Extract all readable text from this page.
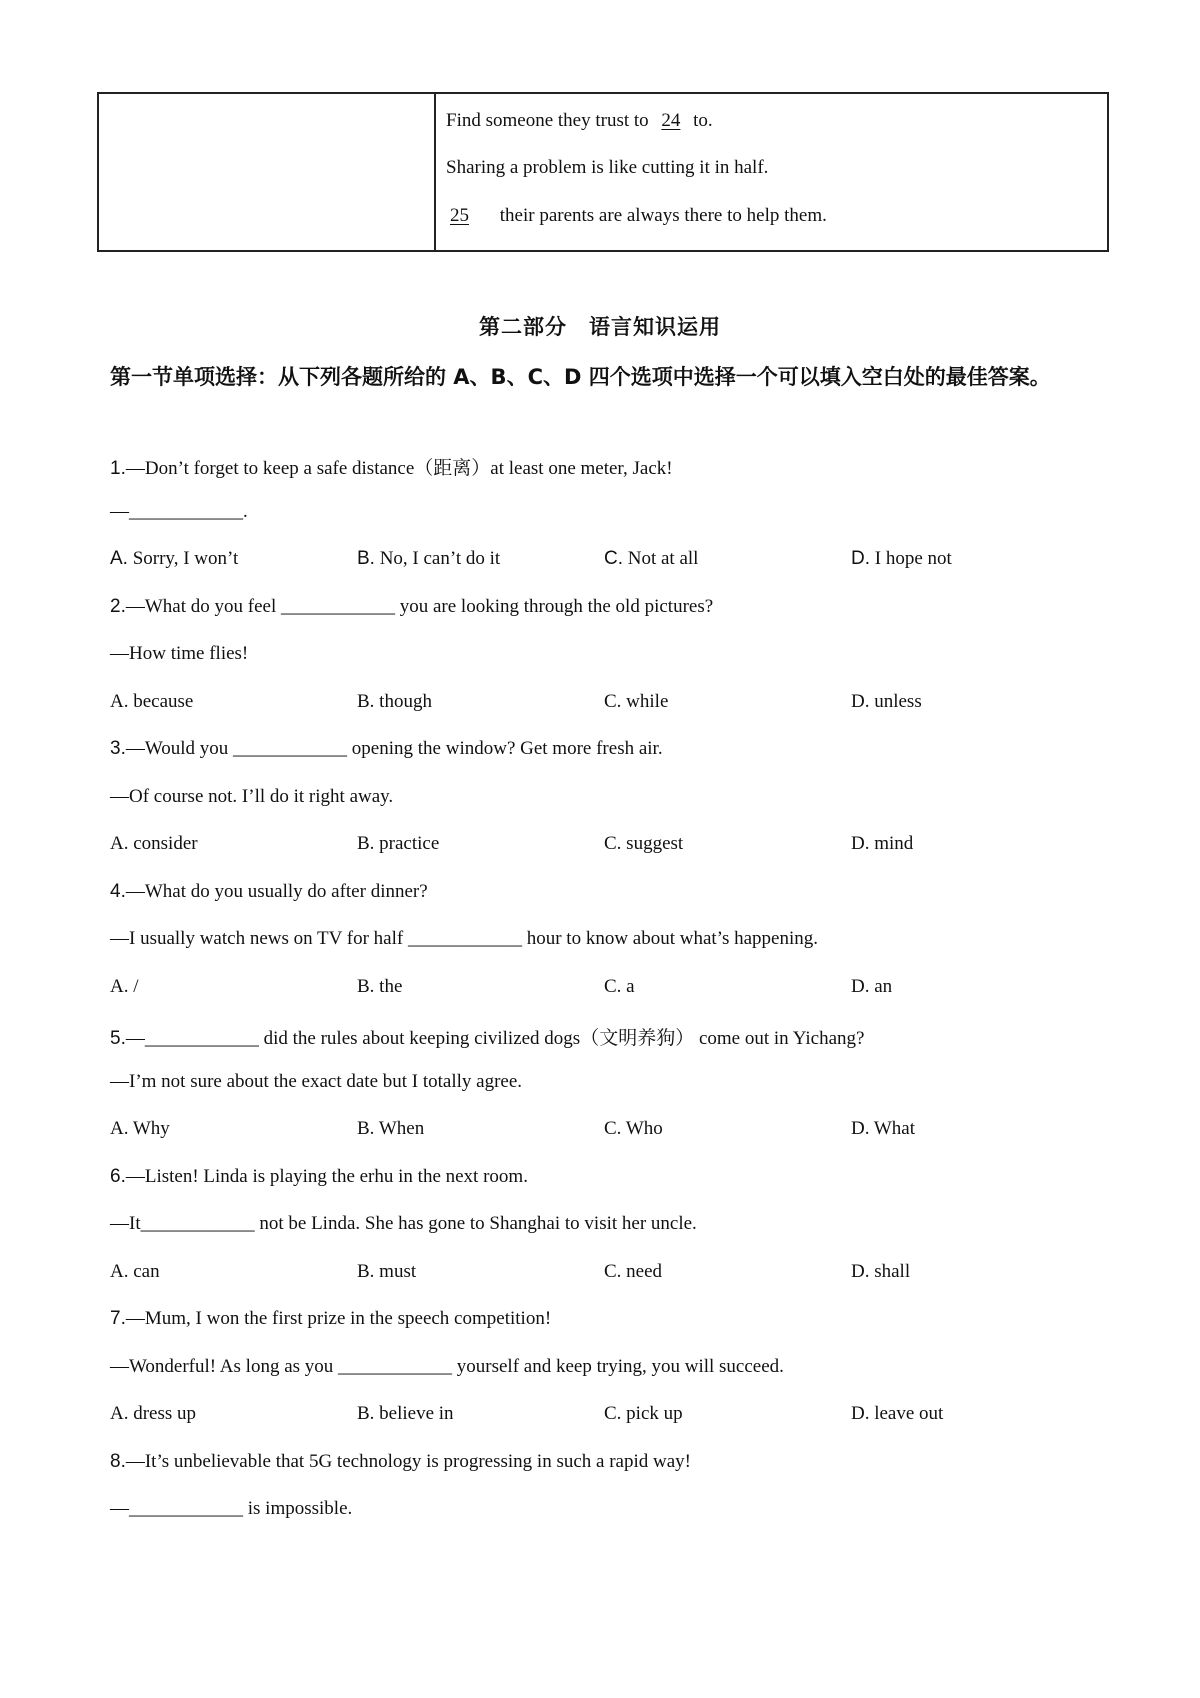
Find someone they trust to 24 to.
Sharing a problem is like cutting it in half.
25 their parents are always there to help them.
第二部分　语言知识运用
第一节单项选择：从下列各题所给的 A、B、C、D 四个选项中选择一个可以填入空白处的最佳答案。
1.—Don’t forget to keep a safe distance（距离）at least one meter, Jack!
—____________.
A. Sorry, I won’t	B. No, I can’t do it	C. Not at all	D. I hope not
2.—What do you feel ____________ you are looking through the old pictures?
—How time flies!
A. because	B. though	C. while	D. unless
3.—Would you ____________ opening the window? Get more fresh air.
—Of course not. I’ll do it right away.
A. consider	B. practice	C. suggest	D. mind
4.—What do you usually do after dinner?
—I usually watch news on TV for half ____________ hour to know about what’s happening.
A. /	B. the	C. a	D. an
5.—____________ did the rules about keeping civilized dogs（文明养狗） come out in Yichang?
—I’m not sure about the exact date but I totally agree.
A. Why	B. When	C. Who	D. What
6.—Listen! Linda is playing the erhu in the next room.
—It____________ not be Linda. She has gone to Shanghai to visit her uncle.
A. can	B. must	C. need	D. shall
7.—Mum, I won the first prize in the speech competition!
—Wonderful! As long as you ____________ yourself and keep trying, you will succeed.
A. dress up	B. believe in	C. pick up	D. leave out
8.—It’s unbelievable that 5G technology is progressing in such a rapid way!
—____________ is impossible.
